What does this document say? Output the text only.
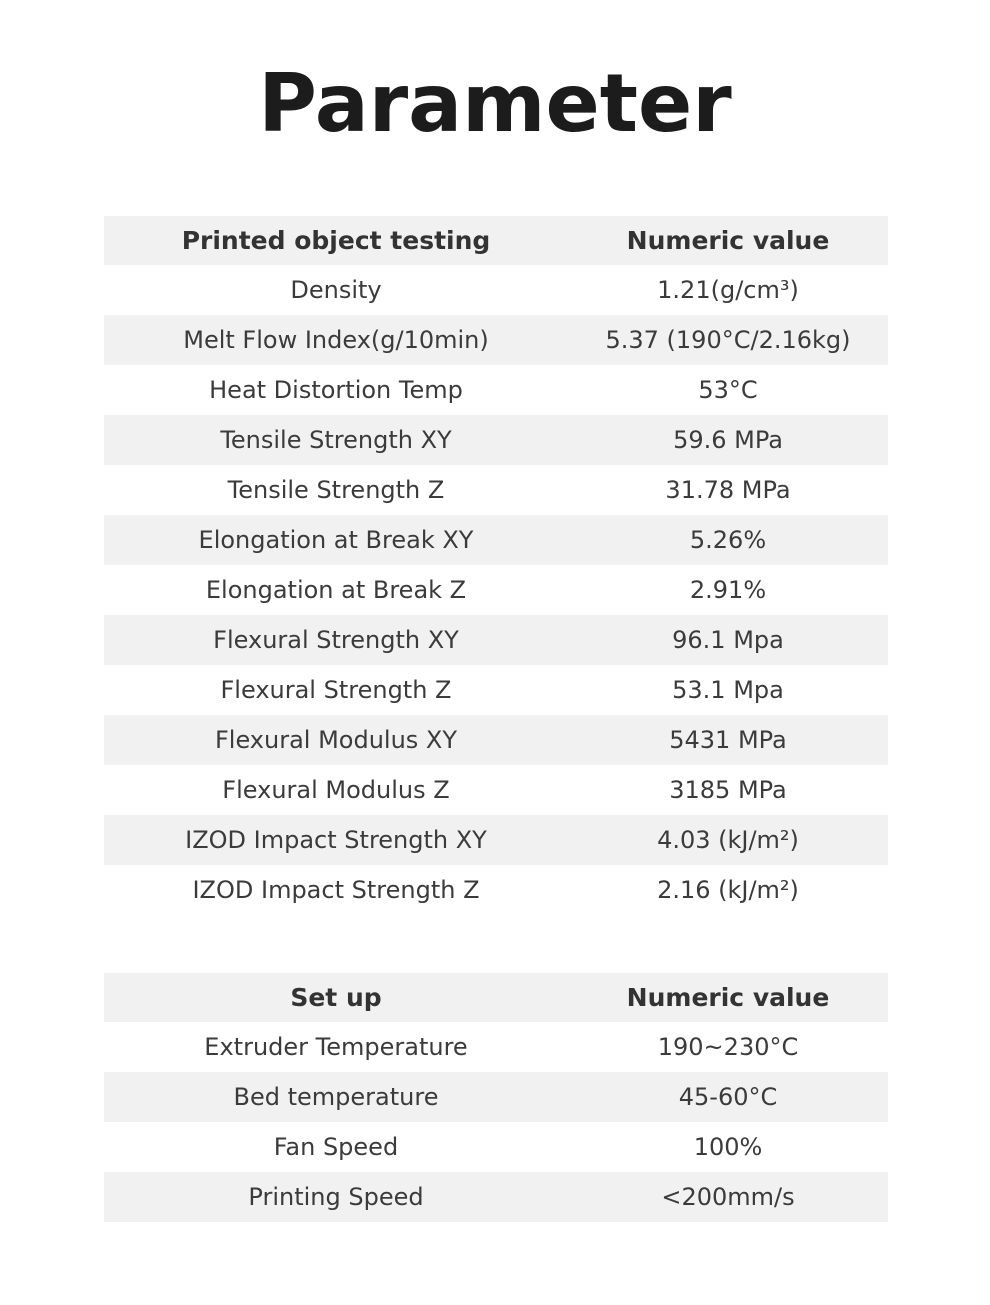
Parameter
Printed object testing	Numeric value
Density	1.21(g/cm³)
Melt Flow Index(g/10min)	5.37 (190°C/2.16kg)
Heat Distortion Temp	53°C
Tensile Strength XY	59.6 MPa
Tensile Strength Z	31.78 MPa
Elongation at Break XY	5.26%
Elongation at Break Z	2.91%
Flexural Strength XY	96.1 Mpa
Flexural Strength Z	53.1 Mpa
Flexural Modulus XY	5431 MPa
Flexural Modulus Z	3185 MPa
IZOD Impact Strength XY	4.03 (kJ/m²)
IZOD Impact Strength Z	2.16 (kJ/m²)
Set up	Numeric value
Extruder Temperature	190~230°C
Bed temperature	45-60°C
Fan Speed	100%
Printing Speed	<200mm/s
